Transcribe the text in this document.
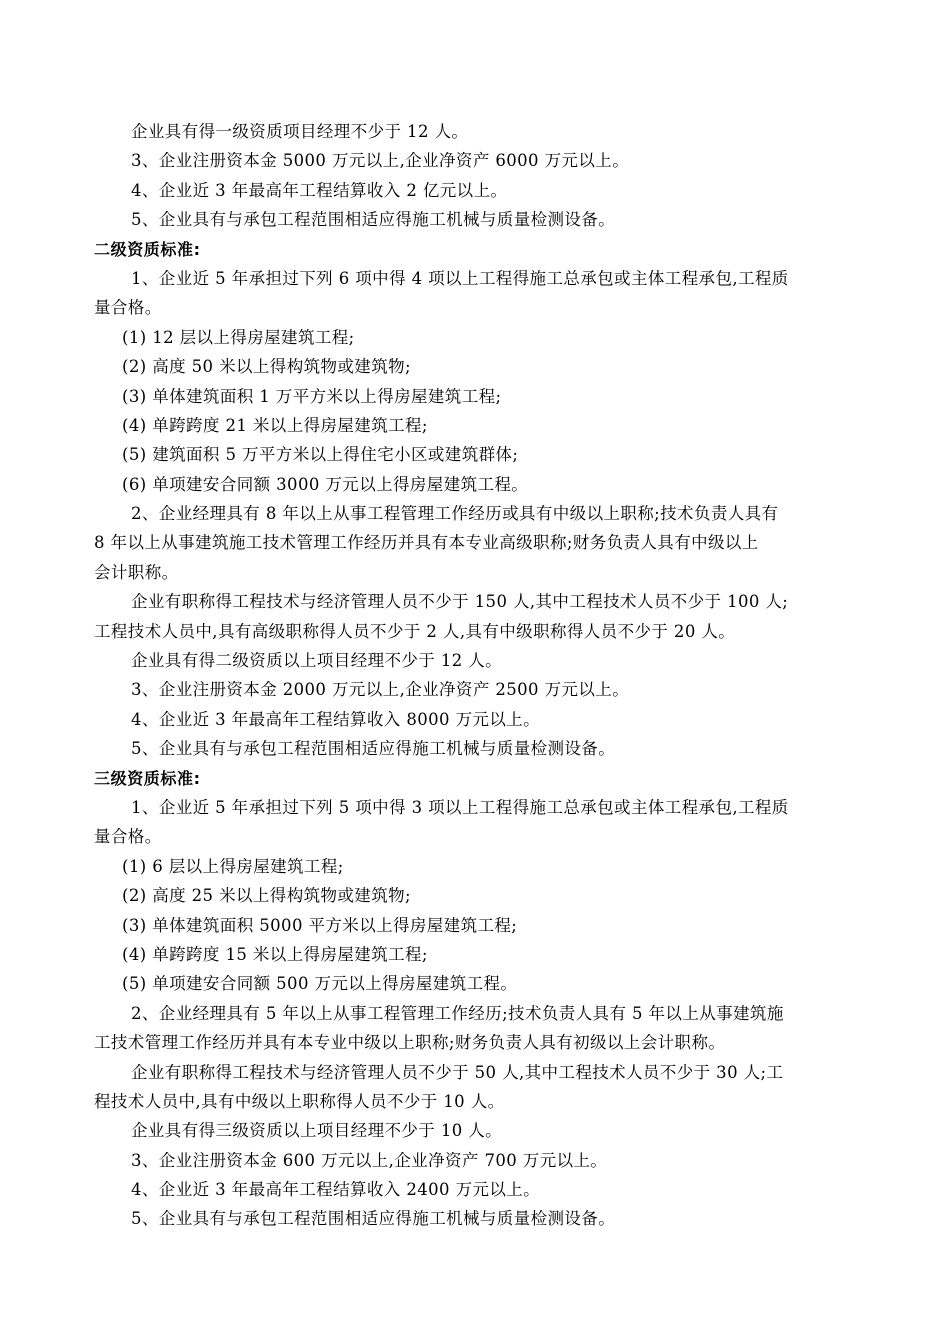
企业具有得一级资质项目经理不少于 12 人。
3、企业注册资本金 5000 万元以上,企业净资产 6000 万元以上。
4、企业近 3 年最高年工程结算收入 2 亿元以上。
5、企业具有与承包工程范围相适应得施工机械与质量检测设备。
二级资质标准:
1、企业近 5 年承担过下列 6 项中得 4 项以上工程得施工总承包或主体工程承包,工程质
量合格。
(1) 12 层以上得房屋建筑工程;
(2) 高度 50 米以上得构筑物或建筑物;
(3) 单体建筑面积 1 万平方米以上得房屋建筑工程;
(4) 单跨跨度 21 米以上得房屋建筑工程;
(5) 建筑面积 5 万平方米以上得住宅小区或建筑群体;
(6) 单项建安合同额 3000 万元以上得房屋建筑工程。
2、企业经理具有 8 年以上从事工程管理工作经历或具有中级以上职称;技术负责人具有
8 年以上从事建筑施工技术管理工作经历并具有本专业高级职称;财务负责人具有中级以上
会计职称。
企业有职称得工程技术与经济管理人员不少于 150 人,其中工程技术人员不少于 100 人;
工程技术人员中,具有高级职称得人员不少于 2 人,具有中级职称得人员不少于 20 人。
企业具有得二级资质以上项目经理不少于 12 人。
3、企业注册资本金 2000 万元以上,企业净资产 2500 万元以上。
4、企业近 3 年最高年工程结算收入 8000 万元以上。
5、企业具有与承包工程范围相适应得施工机械与质量检测设备。
三级资质标准:
1、企业近 5 年承担过下列 5 项中得 3 项以上工程得施工总承包或主体工程承包,工程质
量合格。
(1) 6 层以上得房屋建筑工程;
(2) 高度 25 米以上得构筑物或建筑物;
(3) 单体建筑面积 5000 平方米以上得房屋建筑工程;
(4) 单跨跨度 15 米以上得房屋建筑工程;
(5) 单项建安合同额 500 万元以上得房屋建筑工程。
2、企业经理具有 5 年以上从事工程管理工作经历;技术负责人具有 5 年以上从事建筑施
工技术管理工作经历并具有本专业中级以上职称;财务负责人具有初级以上会计职称。
企业有职称得工程技术与经济管理人员不少于 50 人,其中工程技术人员不少于 30 人;工
程技术人员中,具有中级以上职称得人员不少于 10 人。
企业具有得三级资质以上项目经理不少于 10 人。
3、企业注册资本金 600 万元以上,企业净资产 700 万元以上。
4、企业近 3 年最高年工程结算收入 2400 万元以上。
5、企业具有与承包工程范围相适应得施工机械与质量检测设备。
